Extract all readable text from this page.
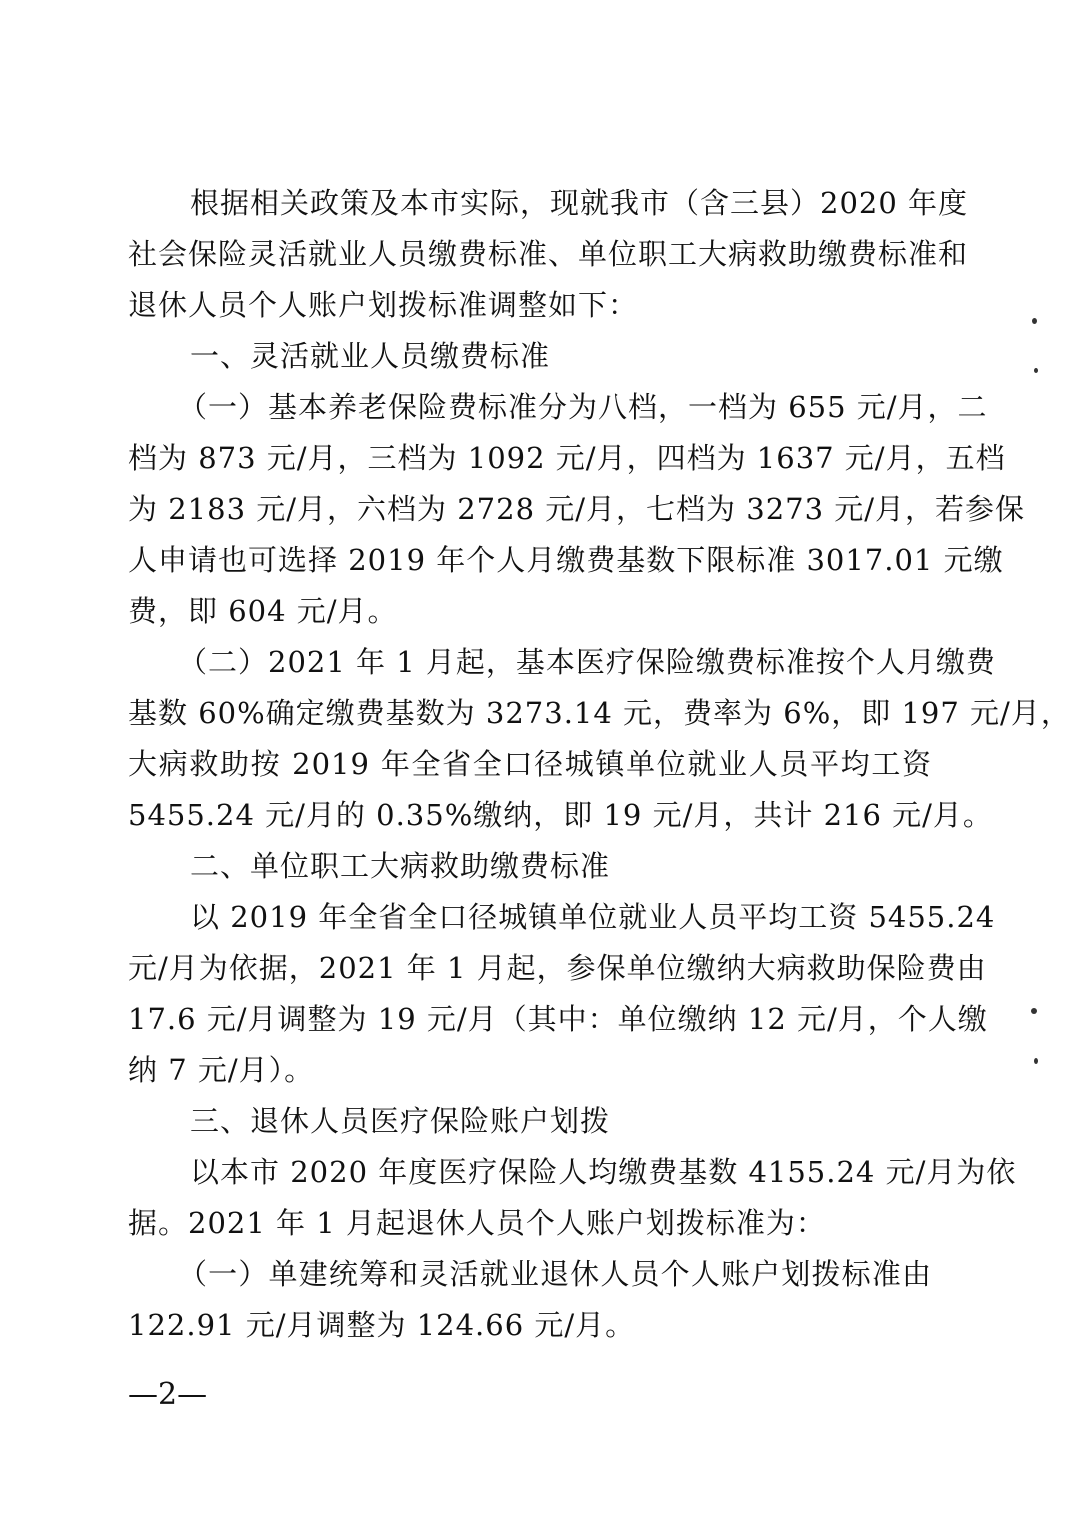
根据相关政策及本市实际，现就我市（含三县）2020 年度
社会保险灵活就业人员缴费标准、单位职工大病救助缴费标准和
退休人员个人账户划拨标准调整如下：
一、灵活就业人员缴费标准
（一）基本养老保险费标准分为八档，一档为 655 元/月，二
档为 873 元/月，三档为 1092 元/月，四档为 1637 元/月，五档
为 2183 元/月，六档为 2728 元/月，七档为 3273 元/月，若参保
人申请也可选择 2019 年个人月缴费基数下限标准 3017.01 元缴
费，即 604 元/月。
（二）2021 年 1 月起，基本医疗保险缴费标准按个人月缴费
基数 60%确定缴费基数为 3273.14 元，费率为 6%，即 197 元/月，
大病救助按 2019 年全省全口径城镇单位就业人员平均工资
5455.24 元/月的 0.35%缴纳，即 19 元/月，共计 216 元/月。
二、单位职工大病救助缴费标准
以 2019 年全省全口径城镇单位就业人员平均工资 5455.24
元/月为依据，2021 年 1 月起，参保单位缴纳大病救助保险费由
17.6 元/月调整为 19 元/月（其中：单位缴纳 12 元/月，个人缴
纳 7 元/月）。
三、退休人员医疗保险账户划拨
以本市 2020 年度医疗保险人均缴费基数 4155.24 元/月为依
据。2021 年 1 月起退休人员个人账户划拨标准为：
（一）单建统筹和灵活就业退休人员个人账户划拨标准由
122.91 元/月调整为 124.66 元/月。
—2—
